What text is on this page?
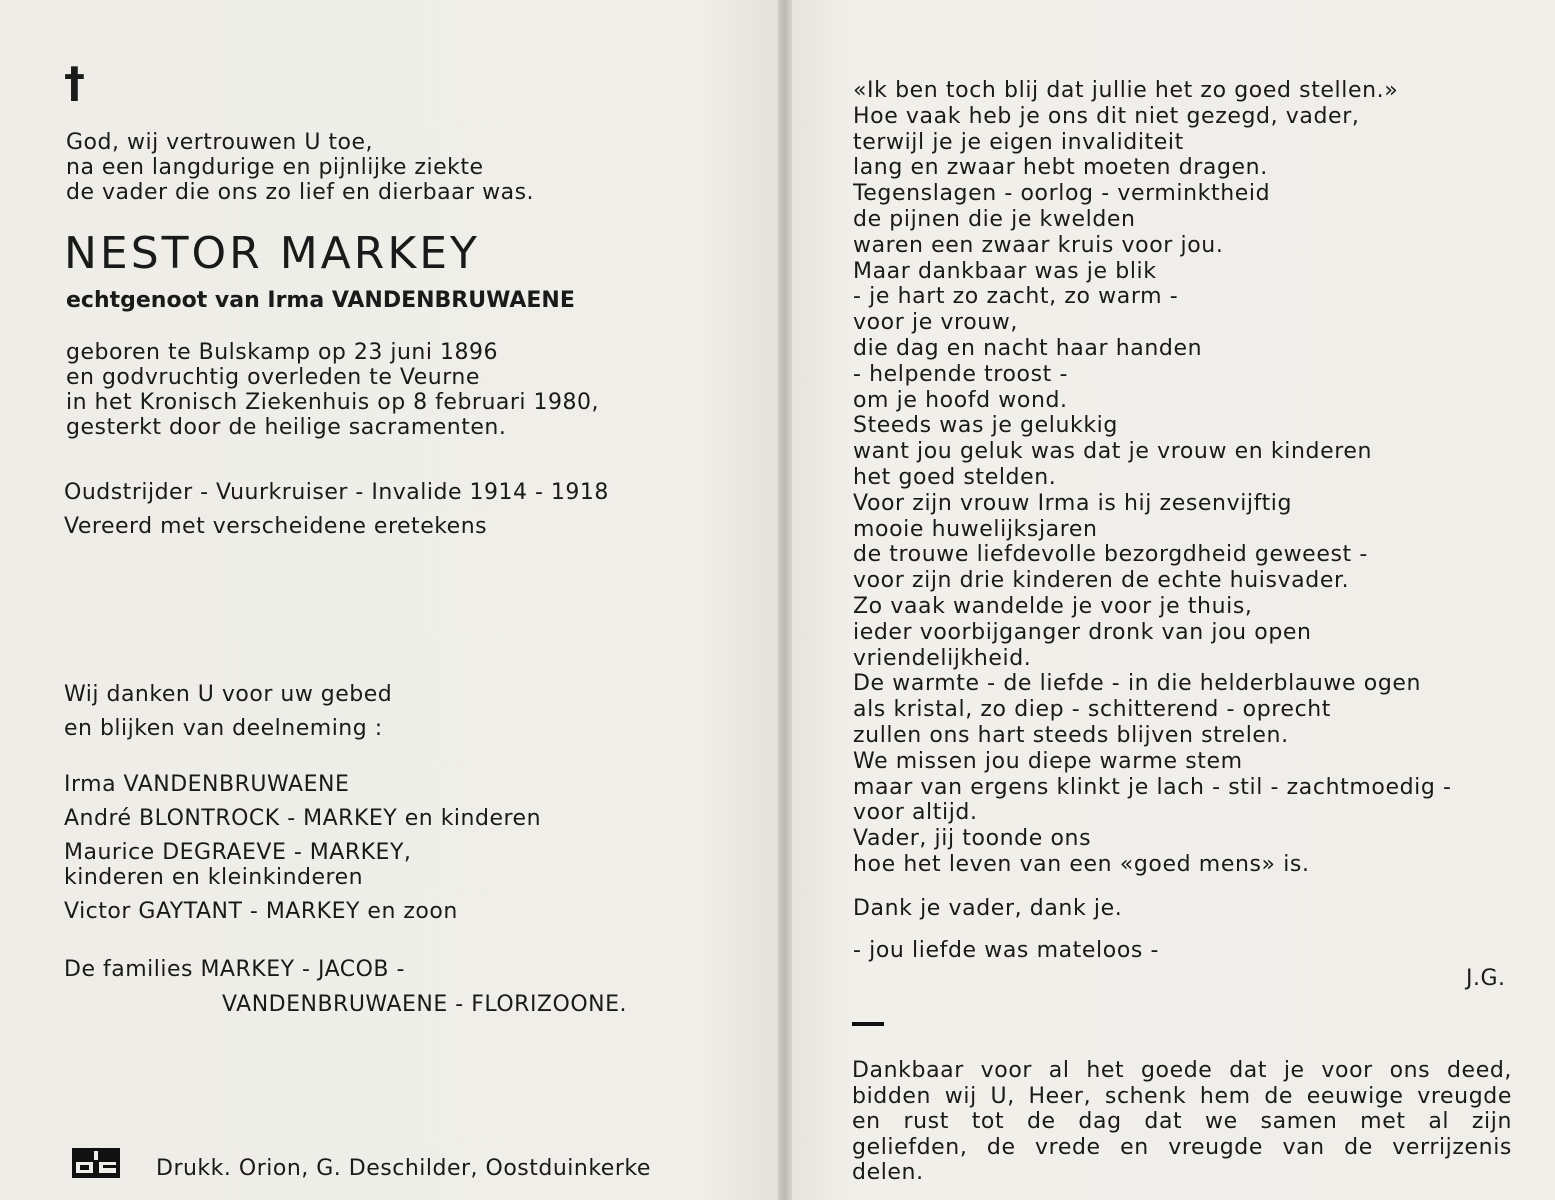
†
God, wij vertrouwen U toe,
na een langdurige en pijnlijke ziekte
de vader die ons zo lief en dierbaar was.
NESTOR MARKEY
echtgenoot van Irma VANDENBRUWAENE
geboren te Bulskamp op 23 juni 1896
en godvruchtig overleden te Veurne
in het Kronisch Ziekenhuis op 8 februari 1980,
gesterkt door de heilige sacramenten.
Oudstrijder - Vuurkruiser - Invalide 1914 - 1918
Vereerd met verscheidene eretekens
Wij danken U voor uw gebed
en blijken van deelneming :
Irma VANDENBRUWAENE
André BLONTROCK - MARKEY en kinderen
Maurice DEGRAEVE - MARKEY,
kinderen en kleinkinderen
Victor GAYTANT - MARKEY en zoon
De families MARKEY - JACOB -
VANDENBRUWAENE - FLORIZOONE.
Drukk. Orion, G. Deschilder, Oostduinkerke
«Ik ben toch blij dat jullie het zo goed stellen.»
Hoe vaak heb je ons dit niet gezegd, vader,
terwijl je je eigen invaliditeit
lang en zwaar hebt moeten dragen.
Tegenslagen - oorlog - verminktheid
de pijnen die je kwelden
waren een zwaar kruis voor jou.
Maar dankbaar was je blik
- je hart zo zacht, zo warm -
voor je vrouw,
die dag en nacht haar handen
- helpende troost -
om je hoofd wond.
Steeds was je gelukkig
want jou geluk was dat je vrouw en kinderen
het goed stelden.
Voor zijn vrouw Irma is hij zesenvijftig
mooie huwelijksjaren
de trouwe liefdevolle bezorgdheid geweest -
voor zijn drie kinderen de echte huisvader.
Zo vaak wandelde je voor je thuis,
ieder voorbijganger dronk van jou open
vriendelijkheid.
De warmte - de liefde - in die helderblauwe ogen
als kristal, zo diep - schitterend - oprecht
zullen ons hart steeds blijven strelen.
We missen jou diepe warme stem
maar van ergens klinkt je lach - stil - zachtmoedig -
voor altijd.
Vader, jij toonde ons
hoe het leven van een «goed mens» is.
Dank je vader, dank je.
- jou liefde was mateloos -
J.G.
Dankbaar voor al het goede dat je voor ons deed,
bidden wij U, Heer, schenk hem de eeuwige vreugde
en rust tot de dag dat we samen met al zijn
geliefden, de vrede en vreugde van de verrijzenis
delen.
